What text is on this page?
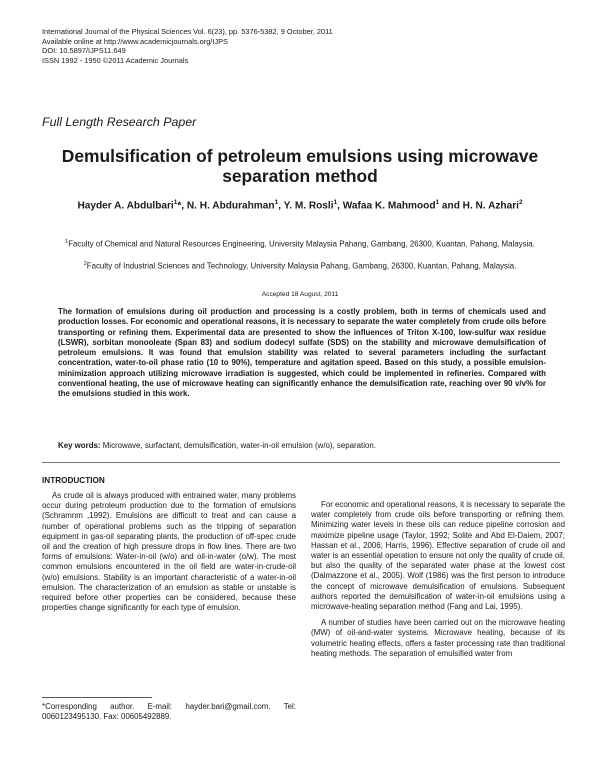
International Journal of the Physical Sciences Vol. 6(23), pp. 5376-5382, 9 October, 2011
Available online at http://www.academicjournals.org/IJPS
DOI: 10.5897/IJPS11.649
ISSN 1992 - 1950 ©2011 Academic Journals
Full Length Research Paper
Demulsification of petroleum emulsions using microwave separation method
Hayder A. Abdulbari$^1$*, N. H. Abdurahman$^1$, Y. M. Rosli$^1$, Wafaa K. Mahmood$^1$ and H. N. Azhari$^2$
$^1$Faculty of Chemical and Natural Resources Engineering, University Malaysia Pahang, Gambang, 26300, Kuantan, Pahang, Malaysia.
$^2$Faculty of Industrial Sciences and Technology, University Malaysia Pahang, Gambang, 26300, Kuantan, Pahang, Malaysia.
Accepted 18 August, 2011
The formation of emulsions during oil production and processing is a costly problem, both in terms of chemicals used and production losses. For economic and operational reasons, it is necessary to separate the water completely from crude oils before transporting or refining them. Experimental data are presented to show the influences of Triton X-100, low-sulfur wax residue (LSWR), sorbitan monooleate (Span 83) and sodium dodecyl sulfate (SDS) on the stability and microwave demulsification of petroleum emulsions. It was found that emulsion stability was related to several parameters including the surfactant concentration, water-to-oil phase ratio (10 to 90%), temperature and agitation speed. Based on this study, a possible emulsion-minimization approach utilizing microwave irradiation is suggested, which could be implemented in refineries. Compared with conventional heating, the use of microwave heating can significantly enhance the demulsification rate, reaching over 90 v/v% for the emulsions studied in this work.
Key words: Microwave, surfactant, demulsification, water-in-oil emulsion (w/o), separation.
INTRODUCTION

As crude oil is always produced with entrained water, many problems occur during petroleum production due to the formation of emulsions (Schramnm ,1992). Emulsions are difficult to treat and can cause a number of operational problems such as the tripping of separation equipment in gas-oil separating plants, the production of off-spec crude oil and the creation of high pressure drops in flow lines. There are two forms of emulsions: Water-in-oil (w/o) and oil-in-water (o/w). The most common emulsions encountered in the oil field are water-in-crude-oil (w/o) emulsions. Stability is an important characteristic of a water-in-oil emulsion. The characterization of an emulsion as stable or unstable is required before other properties can be considered, because these properties change significantly for each type of emulsion.

For economic and operational reasons, it is necessary to separate the water completely from crude oils before transporting or refining them. Minimizing water levels in these oils can reduce pipeline corrosion and maximize pipeline usage (Taylor, 1992; Solite and Abd El-Daiem, 2007; Hassan et al., 2006; Harris, 1996). Effective separation of crude oil and water is an essential operation to ensure not only the quality of crude oil, but also the quality of the separated water phase at the lowest cost (Dalmazzone et al., 2005). Wolf (1986) was the first person to introduce the concept of microwave demulsification of emulsions. Subsequent authors reported the demulsification of water-in-oil emulsions using a microwave-heating separation method (Fang and Lai, 1995).

A number of studies have been carried out on the microwave heating (MW) of oil-and-water systems. Microwave heating, because of its volumetric heating effects, offers a faster processing rate than traditional heating methods. The separation of emulsified water from

*Corresponding author. E-mail: hayder.bari@gmail.com. Tel: 0060123495130. Fax: 00605492889.
